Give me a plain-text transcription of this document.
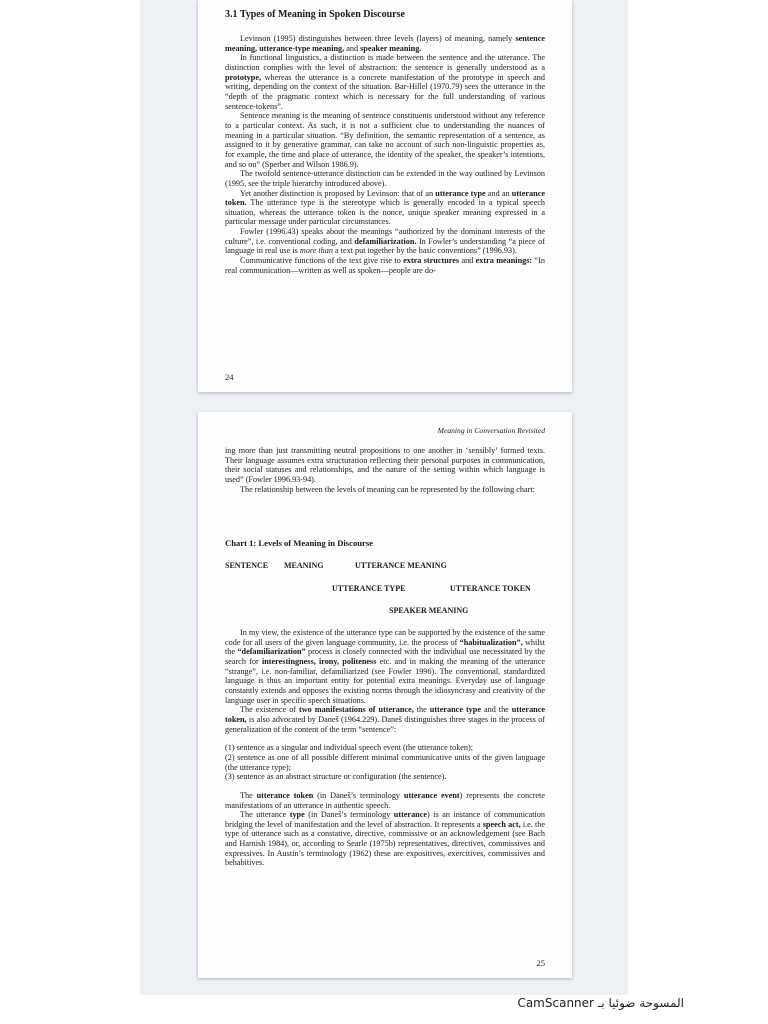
3.1 Types of Meaning in Spoken Discourse

Levinson (1995) distinguishes between three levels (layers) of meaning, namely sentence meaning, utterance-type meaning, and speaker meaning.

In functional linguistics, a distinction is made between the sentence and the utterance. The distinction complies with the level of abstraction: the sentence is generally understood as a prototype, whereas the utterance is a concrete manifestation of the prototype in speech and writing, depending on the context of the situation. Bar-Hillel (1970.79) sees the utterance in the “depth of the pragmatic context which is necessary for the full understanding of various sentence-tokens”.

Sentence meaning is the meaning of sentence constituents understood without any reference to a particular context. As such, it is not a sufficient clue to understanding the nuances of meaning in a particular situation. “By definition, the semantic representation of a sentence, as assigned to it by generative grammar, can take no account of such non-linguistic properties as, for example, the time and place of utterance, the identity of the speaker, the speaker’s intentions, and so on” (Sperber and Wilson 1986.9).

The twofold sentence-utterance distinction can be extended in the way outlined by Levinson (1995, see the triple hierarchy introduced above).

Yet another distinction is proposed by Levinson: that of an utterance type and an utterance token. The utterance type is the stereotype which is generally encoded in a typical speech situation, whereas the utterance token is the nonce, unique speaker meaning expressed in a particular message under particular circumstances.

Fowler (1996.43) speaks about the meanings “authorized by the dominant interests of the culture”, i.e. conventional coding, and defamiliarization. In Fowler’s understanding “a piece of language in real use is more than a text put together by the basic conventions” (1996.93).

Communicative functions of the text give rise to extra structures and extra meanings: “In real communication—written as well as spoken—people are do-

24
Meaning in Conversation Revisited

ing more than just transmitting neutral propositions to one another in ‘sensibly’ formed texts. Their language assumes extra structuration reflecting their personal purposes in communication, their social statuses and relationships, and the nature of the setting within which language is used” (Fowler 1996.93-94).

The relationship between the levels of meaning can be represented by the following chart:

Chart 1: Levels of Meaning in Discourse
SENTENCE MEANING	UTTERANCE MEANING
UTTERANCE TYPE	UTTERANCE TOKEN
SPEAKER MEANING

In my view, the existence of the utterance type can be supported by the existence of the same code for all users of the given language community, i.e. the process of “habitualization”, whilst the “defamiliarization” process is closely connected with the individual use necessitated by the search for interestingness, irony, politeness etc. and in making the meaning of the utterance “strange”, i.e. non-familiar, defamiliarized (see Fowler 1996). The conventional, standardized language is thus an important entity for potential extra meanings. Everyday use of language constantly extends and opposes the existing norms through the idiosyncrasy and creativity of the language user in specific speech situations.

The existence of two manifestations of utterance, the utterance type and the utterance token, is also advocated by Daneš (1964.229). Daneš distinguishes three stages in the process of generalization of the content of the term “sentence”:

(1) sentence as a singular and individual speech event (the utterance token);
(2) sentence as one of all possible different minimal communicative units of the given language (the utterance type);
(3) sentence as an abstract structure or configuration (the sentence).

The utterance token (in Daneš’s terminology utterance event) represents the concrete manifestations of an utterance in authentic speech.

The utterance type (in Daneš’s terminology utterance) is an instance of communication bridging the level of manifestation and the level of abstraction. It represents a speech act, i.e. the type of utterance such as a constative, directive, commissive or an acknowledgement (see Bach and Harnish 1984), or, according to Searle (1975b) representatives, directives, commissives and expressives. In Austin’s terminology (1962) these are expositives, exercitives, commissives and behabitives.

25
CamScanner المسوحة ضوئيا بـ
